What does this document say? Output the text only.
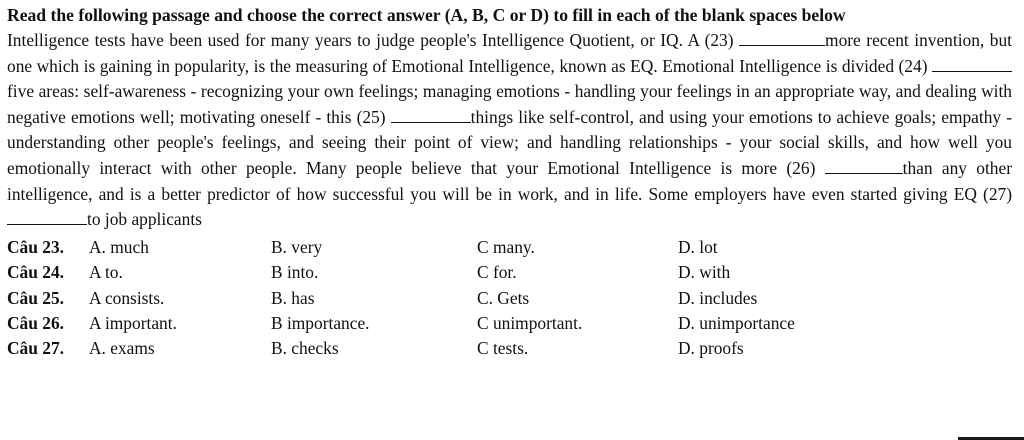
Read the following passage and choose the correct answer (A, B, C or D) to fill in each of the blank spaces below

Intelligence tests have been used for many years to judge people's Intelligence Quotient, or IQ. A (23)	more recent invention, but one which is gaining in popularity, is the measuring of Emotional Intelligence, known as EQ. Emotional Intelligence is divided (24) five areas: self-awareness - recognizing your own feelings; managing emotions - handling your feelings in an appropriate way, and dealing with negative emotions well; motivating oneself - this (25)	things like self-control, and using your emotions to achieve goals; empathy - understanding other people's feelings, and seeing their point of view; and handling relationships - your social skills, and how well you emotionally interact with other people. Many people believe that your Emotional Intelligence is more (26)	than any other intelligence, and is a better predictor of how successful you will be in work, and in life. Some employers have even started giving EQ (27) to job applicants

Câu 23.	A. much	B. very	C many.	D. lot
Câu 24.	A to.	B into.	C for.	D. with
Câu 25.	A consists.	B. has	C. Gets	D. includes
Câu 26.	A important.	B importance.	C unimportant.	D. unimportance
Câu 27.	A. exams	B. checks	C tests.	D. proofs
